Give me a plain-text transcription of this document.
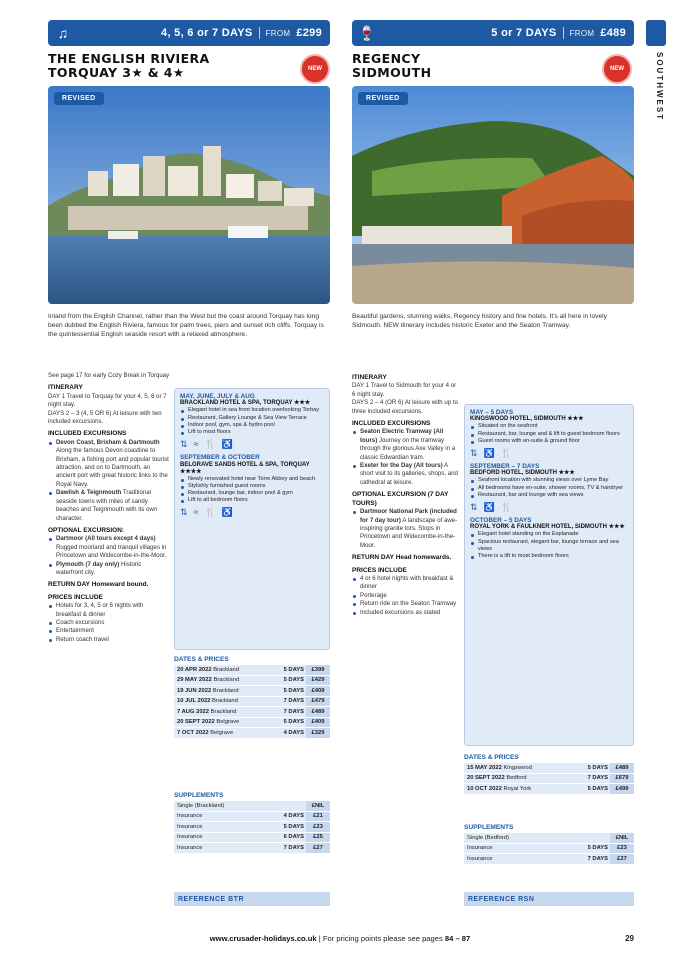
SOUTHWEST
♫	4, 5, 6 or 7 DAYS FROM £299
THE ENGLISH RIVIERA
TORQUAY 3★ & 4★	NEW
REVISED
Inland from the English Channel, rather than the West but the coast around Torquay has long been dubbed the English Riviera, famous for palm trees, piers and sunset rich cliffs. Torquay is the quintessential English seaside resort with a relaxed atmosphere.
See page 17 for early Cozy Break in Torquay
ITINERARY
DAY 1 Travel to Torquay for your 4, 5, 6 or 7 night stay.
DAYS 2 – 3 (4, 5 OR 6) At leisure with two included excursions.
INCLUDED EXCURSIONS
Devon Coast, Brixham & Dartmouth Along the famous Devon coastline to Brixham, a fishing port and popular tourist attraction, and on to Dartmouth, an ancient port with great historic links to the Royal Navy.
Dawlish & Teignmouth Traditional seaside towns with miles of sandy beaches and Teignmouth with its own character.
OPTIONAL EXCURSION:
Dartmoor (All tours except 4 days) Rugged moorland and tranquil villages in Princetown and Widecombe-in-the-Moor.
Plymouth (7 day only) Historic waterfront city.
RETURN DAY Homeward bound.
PRICES INCLUDE
Hotels for 3, 4, 5 or 6 nights with breakfast & dinner
Coach excursions
Entertainment
Return coach travel
MAY, JUNE, JULY & AUG
BRACKLAND HOTEL & SPA, TORQUAY ★★★
Elegant hotel in sea front location overlooking Torbay
Restaurant, Gallery Lounge & Sea View Terrace
Indoor pool, gym, spa & hydro pool
Lift to most floors
⇅ ≈ 🍴 ♿
SEPTEMBER & OCTOBER
BELGRAVE SANDS HOTEL & SPA, TORQUAY ★★★★
Newly renovated hotel near Torre Abbey and beach
Stylishly furnished guest rooms
Restaurant, lounge bar, indoor pool & gym
Lift to all bedroom floors
⇅ ≈ 🍴 ♿
DATES & PRICES
20 APR 2022 Brackland	5 DAYS	£399
29 MAY 2022 Brackland	5 DAYS	£429
19 JUN 2022 Brackland	5 DAYS	£409
10 JUL 2022 Brackland	7 DAYS	£479
7 AUG 2022 Brackland	7 DAYS	£489
20 SEPT 2022 Belgrave	5 DAYS	£409
7 OCT 2022 Belgrave	4 DAYS	£329
SUPPLEMENTS
Single (Brackland)	£NIL
Insurance	4 DAYS	£21
Insurance	5 DAYS	£23
Insurance	6 DAYS	£25
Insurance	7 DAYS	£27
REFERENCE BTR
🍷	5 or 7 DAYS FROM £489
REGENCY
SIDMOUTH	NEW
REVISED
Beautiful gardens, stunning walks, Regency history and fine hotels. It's all here in lovely Sidmouth. NEW itinerary includes historic Exeter and the Seaton Tramway.
ITINERARY
DAY 1 Travel to Sidmouth for your 4 or 6 night stay.
DAYS 2 – 4 (OR 6) At leisure with up to three included excursions.
INCLUDED EXCURSIONS
Seaton Electric Tramway (All tours) Journey on the tramway through the glorious Axe Valley in a classic Edwardian tram.
Exeter for the Day (All tours) A short visit to its galleries, shops, and cathedral at leisure.
OPTIONAL EXCURSION (7 DAY TOURS)
Dartmoor National Park (included for 7 day tour) A landscape of awe-inspiring granite tors. Stops in Princetown and Widecombe-in-the-Moor.
RETURN DAY Head homewards.
PRICES INCLUDE
4 or 6 hotel nights with breakfast & dinner
Porterage
Return ride on the Seaton Tramway
Included excursions as stated
MAY – 5 DAYS
KINGSWOOD HOTEL, SIDMOUTH ★★★
Situated on the seafront
Restaurant, bar, lounge and & lift to guest bedroom floors
Guest rooms with en-suite & ground floor
⇅ ♿ 🍴
SEPTEMBER – 7 DAYS
BEDFORD HOTEL, SIDMOUTH ★★★
Seafront location with stunning views over Lyme Bay
All bedrooms have en-suite, shower rooms, TV & hairdryer
Restaurant, bar and lounge with sea views
⇅ ♿ 🍴
OCTOBER – 5 DAYS
ROYAL YORK & FAULKNER HOTEL, SIDMOUTH ★★★
Elegant hotel standing on the Esplanade
Spacious restaurant, elegant bar, lounge terrace and sea views
There is a lift to most bedroom floors
DATES & PRICES
15 MAY 2022 Kingswood	5 DAYS	£489
20 SEPT 2022 Bedford	7 DAYS	£679
10 OCT 2022 Royal York	5 DAYS	£499
SUPPLEMENTS
Single (Bedford)	£NIL
Insurance	5 DAYS	£23
Insurance	7 DAYS	£27
REFERENCE RSN
www.crusader-holidays.co.uk | For pricing points please see pages 84 – 87	29
